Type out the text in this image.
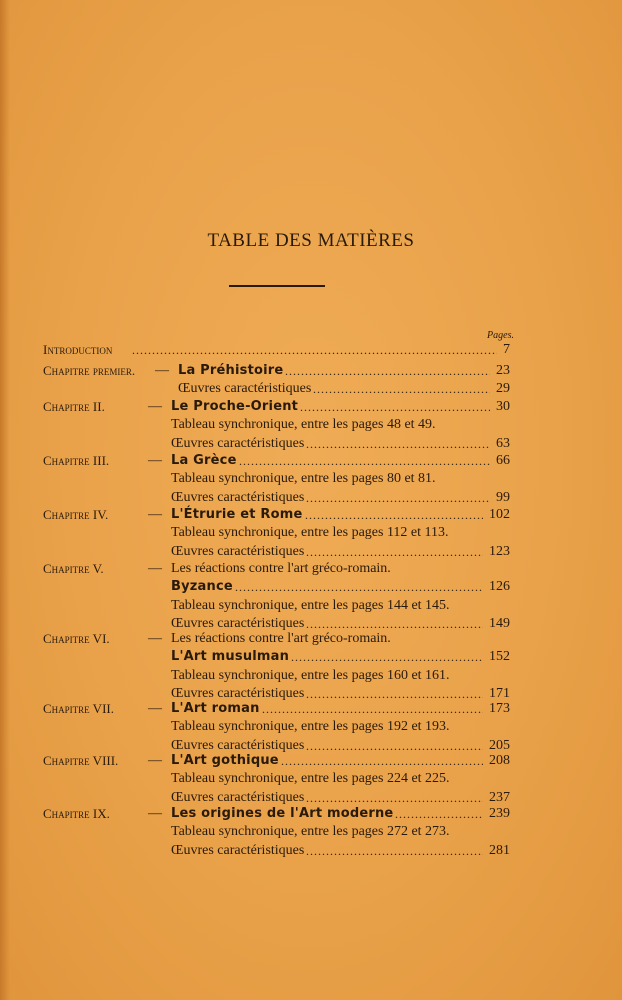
TABLE DES MATIÈRES
Pages.
Introduction	7
.....
Chapitre premier. — La Préhistoire	23
.....
Œuvres caractéristiques	29
.....
Chapitre II.	— Le Proche-Orient	30
.....
Tableau synchronique, entre les pages 48 et 49.
Œuvres caractéristiques	63
.....
Chapitre III.	— La Grèce	66
.....
Tableau synchronique, entre les pages 80 et 81.
Œuvres caractéristiques	99
.....
Chapitre IV.	— L'Étrurie et Rome	102
.....
Tableau synchronique, entre les pages 112 et 113.
Œuvres caractéristiques	123
.....
Chapitre V.	— Les réactions contre l'art gréco-romain.
Byzance	126
.....
Tableau synchronique, entre les pages 144 et 145.
Œuvres caractéristiques	149
.....
Chapitre VI.	— Les réactions contre l'art gréco-romain.
L'Art musulman	152
.....
Tableau synchronique, entre les pages 160 et 161.
Œuvres caractéristiques	171
.....
Chapitre VII. — L'Art roman	173
.....
Tableau synchronique, entre les pages 192 et 193.
Œuvres caractéristiques	205
.....
Chapitre VIII. — L'Art gothique	208
.....
Tableau synchronique, entre les pages 224 et 225.
Œuvres caractéristiques	237
.....
Chapitre IX.	— Les origines de l'Art moderne	239
.....
Tableau synchronique, entre les pages 272 et 273.
Œuvres caractéristiques	281
.....
